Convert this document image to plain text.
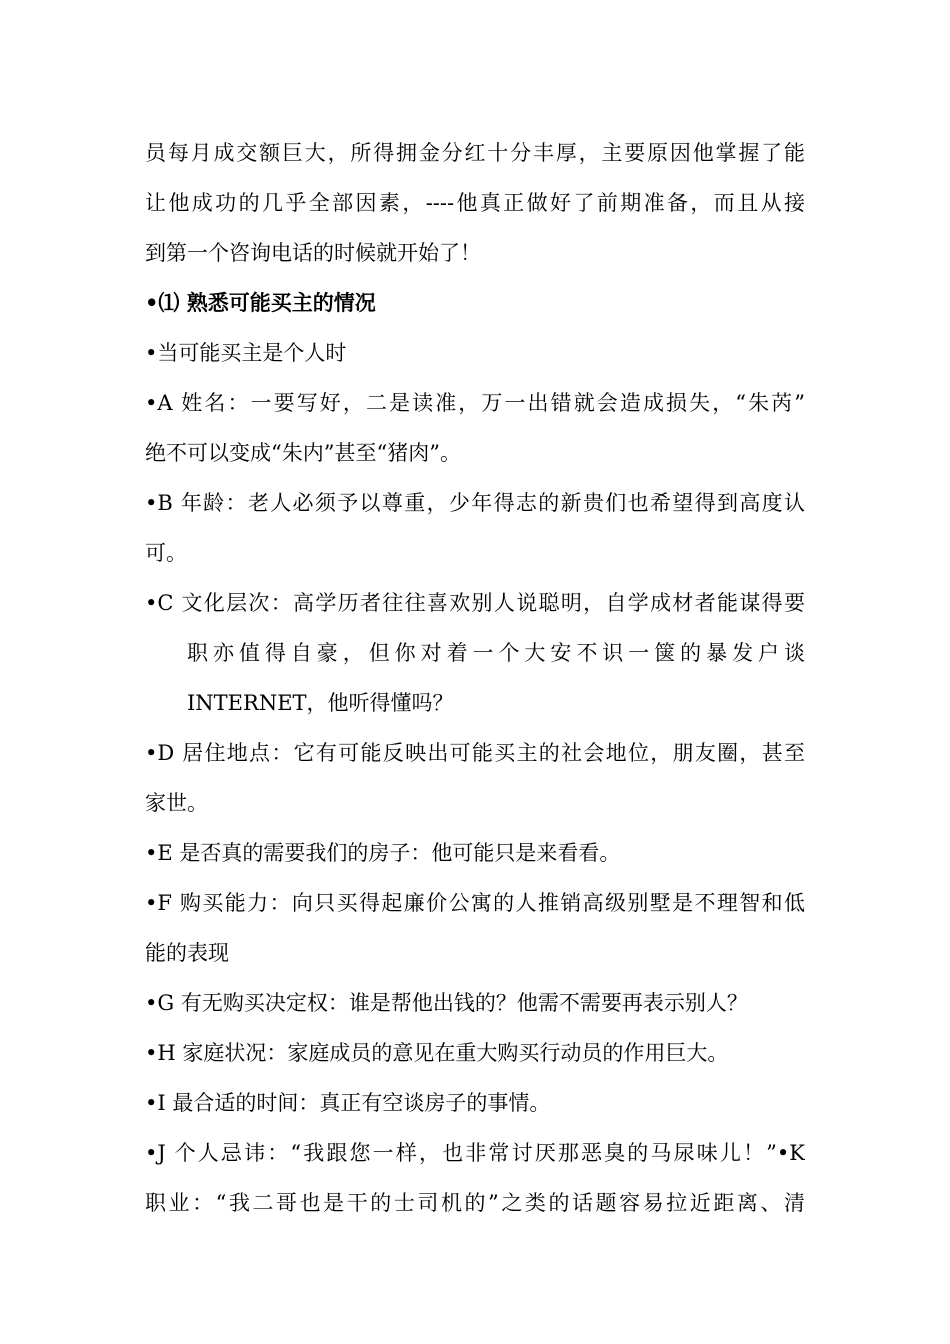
员每月成交额巨大，所得拥金分红十分丰厚，主要原因他掌握了能
让他成功的几乎全部因素，----他真正做好了前期准备，而且从接
到第一个咨询电话的时候就开始了！
•⑴ 熟悉可能买主的情况
•当可能买主是个人时
•A 姓名：一要写好，二是读准，万一出错就会造成损失，“朱芮”
绝不可以变成“朱内”甚至“猪肉”。
•B 年龄：老人必须予以尊重，少年得志的新贵们也希望得到高度认
可。
•C 文化层次：高学历者往往喜欢别人说聪明，自学成材者能谋得要
职亦值得自豪，但你对着一个大安不识一箧的暴发户谈
INTERNET，他听得懂吗？
•D 居住地点：它有可能反映出可能买主的社会地位，朋友圈，甚至
家世。
•E 是否真的需要我们的房子：他可能只是来看看。
•F 购买能力：向只买得起廉价公寓的人推销高级别墅是不理智和低
能的表现
•G 有无购买决定权：谁是帮他出钱的？他需不需要再表示别人？
•H 家庭状况：家庭成员的意见在重大购买行动员的作用巨大。
•I 最合适的时间：真正有空谈房子的事情。
•J 个人忌讳：“我跟您一样，也非常讨厌那恶臭的马尿味儿！”•K
职业：“我二哥也是干的士司机的”之类的话题容易拉近距离、清
